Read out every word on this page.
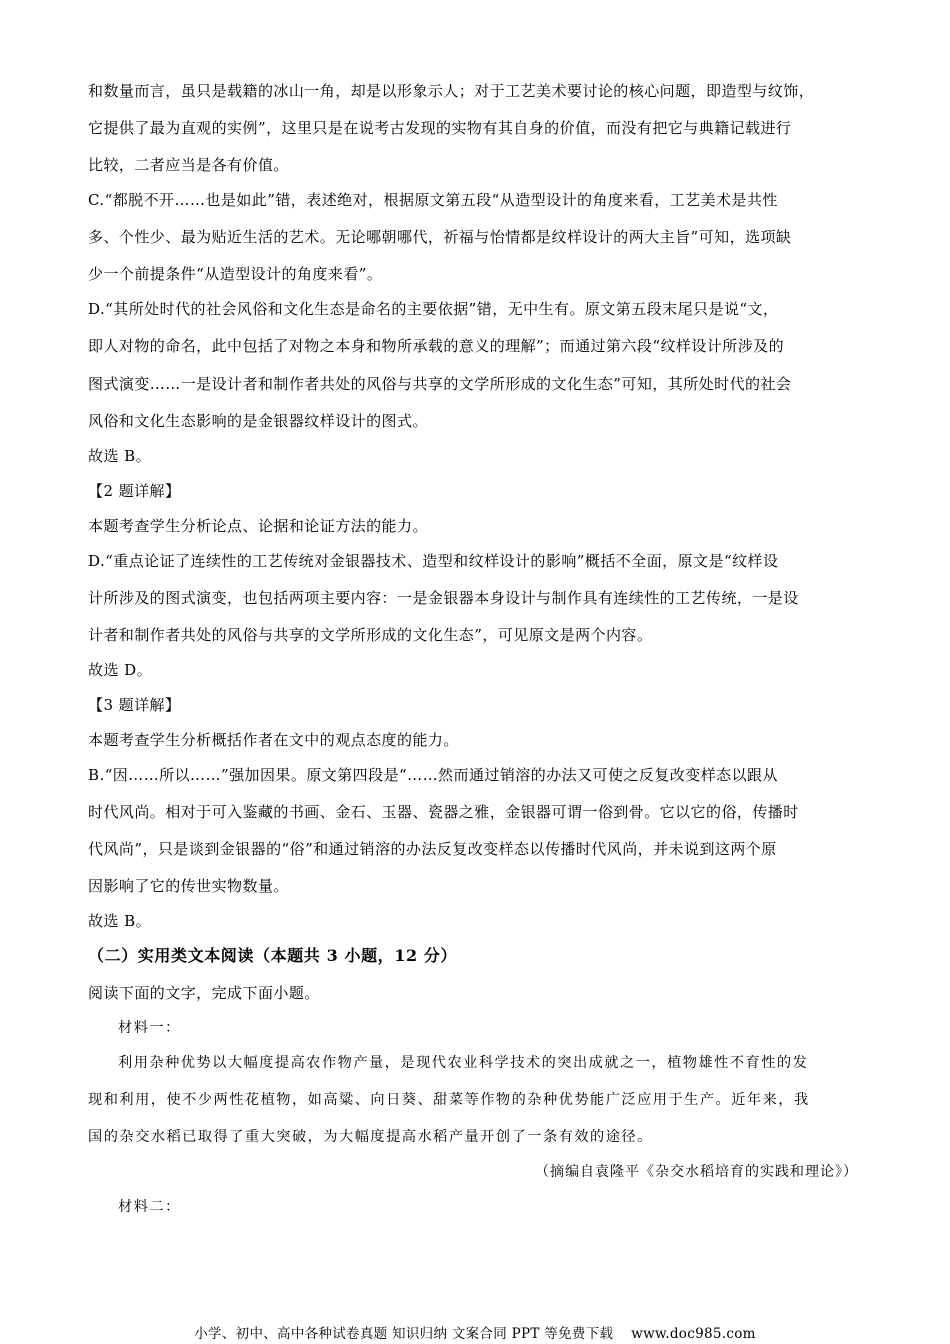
和数量而言，虽只是载籍的冰山一角，却是以形象示人；对于工艺美术要讨论的核心问题，即造型与纹饰，
它提供了最为直观的实例”，这里只是在说考古发现的实物有其自身的价值，而没有把它与典籍记载进行
比较，二者应当是各有价值。
C.“都脱不开……也是如此”错，表述绝对，根据原文第五段“从造型设计的角度来看，工艺美术是共性
多、个性少、最为贴近生活的艺术。无论哪朝哪代，祈福与怡情都是纹样设计的两大主旨”可知，选项缺
少一个前提条件“从造型设计的角度来看”。
D.“其所处时代的社会风俗和文化生态是命名的主要依据”错，无中生有。原文第五段末尾只是说“文，
即人对物的命名，此中包括了对物之本身和物所承载的意义的理解”；而通过第六段“纹样设计所涉及的
图式演变……一是设计者和制作者共处的风俗与共享的文学所形成的文化生态”可知，其所处时代的社会
风俗和文化生态影响的是金银器纹样设计的图式。
故选 B。
【2 题详解】
本题考查学生分析论点、论据和论证方法的能力。
D.“重点论证了连续性的工艺传统对金银器技术、造型和纹样设计的影响”概括不全面，原文是“纹样设
计所涉及的图式演变，也包括两项主要内容：一是金银器本身设计与制作具有连续性的工艺传统，一是设
计者和制作者共处的风俗与共享的文学所形成的文化生态”，可见原文是两个内容。
故选 D。
【3 题详解】
本题考查学生分析概括作者在文中的观点态度的能力。
B.“因……所以……”强加因果。原文第四段是“……然而通过销溶的办法又可使之反复改变样态以跟从
时代风尚。相对于可入鉴藏的书画、金石、玉器、瓷器之雅，金银器可谓一俗到骨。它以它的俗，传播时
代风尚”，只是谈到金银器的“俗”和通过销溶的办法反复改变样态以传播时代风尚，并未说到这两个原
因影响了它的传世实物数量。
故选 B。
（二）实用类文本阅读（本题共 3 小题，12 分）
阅读下面的文字，完成下面小题。
材料一：
利用杂种优势以大幅度提高农作物产量，是现代农业科学技术的突出成就之一，植物雄性不育性的发
现和利用，使不少两性花植物，如高粱、向日葵、甜菜等作物的杂种优势能广泛应用于生产。近年来，我
国的杂交水稻已取得了重大突破，为大幅度提高水稻产量开创了一条有效的途径。
（摘编自袁隆平《杂交水稻培育的实践和理论》）
材料二：
小学、初中、高中各种试卷真题 知识归纳 文案合同 PPT 等免费下载 www.doc985.com
